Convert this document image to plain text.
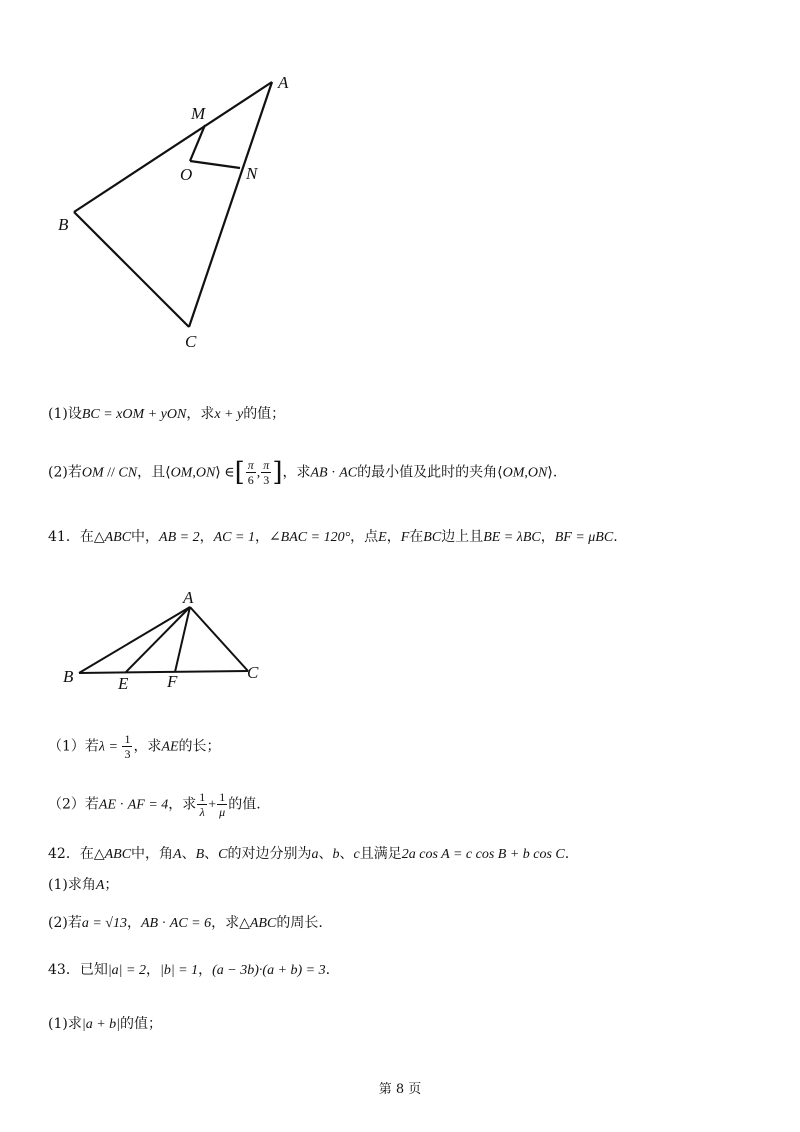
A
M
O	N
B
C
(1)设BC = xOM + yON，求x + y的值；
(2)若OM // CN，且⟨OM,ON⟩ ∈[ $\frac{\pi}{6}$ , $\frac{\pi}{3}$ ]，求AB · AC的最小值及此时的夹角⟨OM,ON⟩.
41．在△ABC中，AB = 2，AC = 1，∠BAC = 120°，点E，F在BC边上且BE = λBC，BF = μBC.
A
B	E F	C
（1）若$\lambda = \frac{1}{3}$ ，求AE的长；
（2）若AE · AF = 4，求 $\frac{1}{\lambda} + \frac{1}{\mu}$ 的值.
42．在△ABC中，角A、B、C的对边分别为a、b、c且满足2a cos A = c cos B + b cos C.
(1)求角A；
(2)若a = √13，AB · AC = 6，求△ABC的周长.
43．已知|a| = 2，|b| = 1，(a − 3b)·(a + b) = 3.
(1)求|a + b|的值；
第 8 页
